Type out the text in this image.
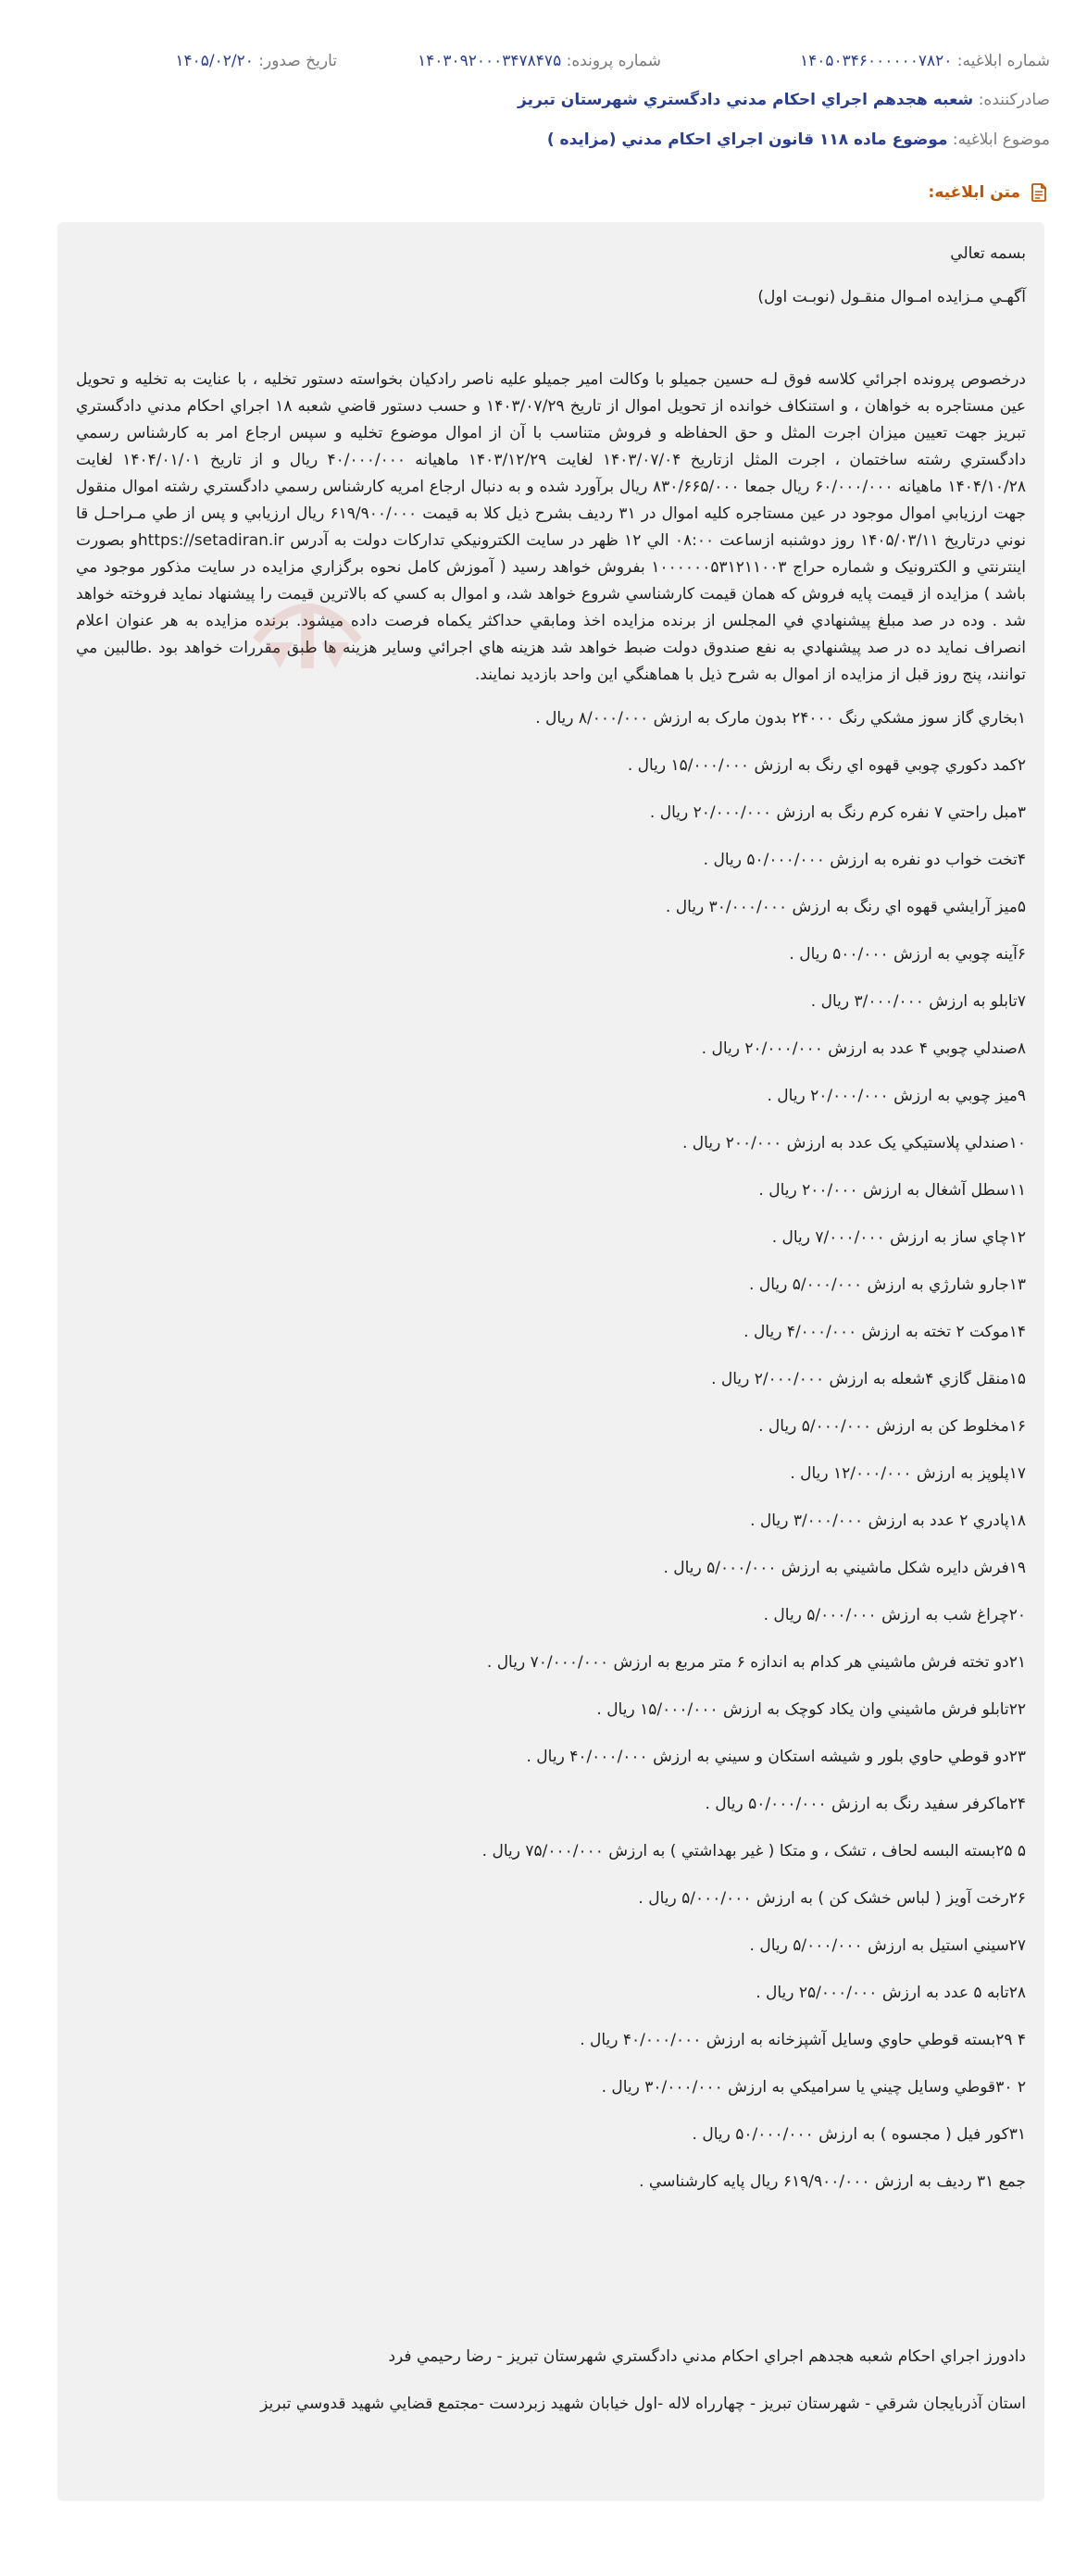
شماره ابلاغيه: ۱۴۰۵۰۳۴۶۰۰۰۰۰۰۷۸۲۰
شماره پرونده: ۱۴۰۳۰۹۲۰۰۰۳۴۷۸۴۷۵
تاريخ صدور: ۱۴۰۵/۰۲/۲۰
صادرکننده: شعبه هجدهم اجراي احکام مدني دادگستري شهرستان تبريز
موضوع ابلاغيه: موضوع ماده ۱۱۸ قانون اجراي احکام مدني (مزايده )
متن ابلاغيه:

بسمه تعالي

آگهـي مـزايده امـوال منقـول (نوبـت اول)

درخصوص پرونده اجرائي کلاسه فوق لـه حسين جميلو با وکالت امير جميلو عليه ناصر رادکيان بخواسته دستور تخليه ، با عنايت به تخليه و تحويل عين مستاجره به خواهان ، و استنکاف خوانده از تحويل اموال از تاريخ ۱۴۰۳/۰۷/۲۹ و حسب دستور قاضي شعبه ۱۸ اجراي احکام مدني دادگستري تبريز جهت تعيين ميزان اجرت المثل و حق الحفاظه و فروش متناسب با آن از اموال موضوع تخليه و سپس ارجاع امر به کارشناس رسمي دادگستري رشته ساختمان ، اجرت المثل ازتاريخ ۱۴۰۳/۰۷/۰۴ لغايت ۱۴۰۳/۱۲/۲۹ ماهيانه ۴۰/۰۰۰/۰۰۰ ريال و از تاريخ ۱۴۰۴/۰۱/۰۱ لغايت ۱۴۰۴/۱۰/۲۸ ماهيانه ۶۰/۰۰۰/۰۰۰ ريال جمعا ۸۳۰/۶۶۵/۰۰۰ ريال برآورد شده و به دنبال ارجاع امريه کارشناس رسمي دادگستري رشته اموال منقول جهت ارزيابي اموال موجود در عين مستاجره کليه اموال در ۳۱ رديف بشرح ذيل کلا به قيمت ۶۱۹/۹۰۰/۰۰۰ ريال ارزيابي و پس از طي مـراحـل قا نوني درتاريخ ۱۴۰۵/۰۳/۱۱ روز دوشنبه ازساعت ۰۸:۰۰ الي ۱۲ ظهر در سايت الکترونيکي تدارکات دولت به آدرس https://setadiran.irو بصورت اينترنتي و الکترونيک و شماره حراج ۱۰۰۰۰۰۰۵۳۱۲۱۱۰۰۳ بفروش خواهد رسيد ( آموزش کامل نحوه برگزاري مزايده در سايت مذکور موجود مي باشد ) مزايده از قيمت پايه فروش که همان قيمت کارشناسي شروع خواهد شد، و اموال به کسي که بالاترين قيمت را پيشنهاد نمايد فروخته خواهد شد . وده در صد مبلغ پيشنهادي في المجلس از برنده مزايده اخذ ومابقي حداکثر يکماه فرصت داده ميشود. برنده مزايده به هر عنوان اعلام انصراف نمايد ده در صد پيشنهادي به نفع صندوق دولت ضبط خواهد شد هزينه هاي اجرائي وساير هزينه ها طبق مقررات خواهد بود .طالبين مي توانند، پنج روز قبل از مزايده از اموال به شرح ذيل با هماهنگي اين واحد بازديد نمايند.

۱بخاري گاز سوز مشکي رنگ ۲۴۰۰۰ بدون مارک به ارزش ۸/۰۰۰/۰۰۰ ريال .

۲کمد دکوري چوبي قهوه اي رنگ به ارزش ۱۵/۰۰۰/۰۰۰ ريال .

۳مبل راحتي ۷ نفره کرم رنگ به ارزش ۲۰/۰۰۰/۰۰۰ ريال .

۴تخت خواب دو نفره به ارزش ۵۰/۰۰۰/۰۰۰ ريال .

۵ميز آرايشي قهوه اي رنگ به ارزش ۳۰/۰۰۰/۰۰۰ ريال .

۶آينه چوبي به ارزش ۵۰۰/۰۰۰ ريال .

۷تابلو به ارزش ۳/۰۰۰/۰۰۰ ريال .

۸صندلي چوبي ۴ عدد به ارزش ۲۰/۰۰۰/۰۰۰ ريال .

۹ميز چوبي به ارزش ۲۰/۰۰۰/۰۰۰ ريال .

۱۰صندلي پلاستيکي يک عدد به ارزش ۲۰۰/۰۰۰ ريال .

۱۱سطل آشغال به ارزش ۲۰۰/۰۰۰ ريال .

۱۲چاي ساز به ارزش ۷/۰۰۰/۰۰۰ ريال .

۱۳جارو شارژي به ارزش ۵/۰۰۰/۰۰۰ ريال .

۱۴موکت ۲ تخته به ارزش ۴/۰۰۰/۰۰۰ ريال .

۱۵منقل گازي ۴شعله به ارزش ۲/۰۰۰/۰۰۰ ريال .

۱۶مخلوط کن به ارزش ۵/۰۰۰/۰۰۰ ريال .

۱۷پلوپز به ارزش ۱۲/۰۰۰/۰۰۰ ريال .

۱۸پادري ۲ عدد به ارزش ۳/۰۰۰/۰۰۰ ريال .

۱۹فرش دايره شکل ماشيني به ارزش ۵/۰۰۰/۰۰۰ ريال .

۲۰چراغ شب به ارزش ۵/۰۰۰/۰۰۰ ريال .

۲۱دو تخته فرش ماشيني هر کدام به اندازه ۶ متر مربع به ارزش ۷۰/۰۰۰/۰۰۰ ريال .

۲۲تابلو فرش ماشيني وان يکاد کوچک به ارزش ۱۵/۰۰۰/۰۰۰ ريال .

۲۳دو قوطي حاوي بلور و شيشه استکان و سيني به ارزش ۴۰/۰۰۰/۰۰۰ ريال .

۲۴ماکرفر سفيد رنگ به ارزش ۵۰/۰۰۰/۰۰۰ ريال .

۵ ۲۵بسته البسه لحاف ، تشک ، و متکا ( غير بهداشتي ) به ارزش ۷۵/۰۰۰/۰۰۰ ريال .

۲۶رخت آويز ( لباس خشک کن ) به ارزش ۵/۰۰۰/۰۰۰ ريال .

۲۷سيني استيل به ارزش ۵/۰۰۰/۰۰۰ ريال .

۲۸تابه ۵ عدد به ارزش ۲۵/۰۰۰/۰۰۰ ريال .

۴ ۲۹بسته قوطي حاوي وسايل آشپزخانه به ارزش ۴۰/۰۰۰/۰۰۰ ريال .

۲ ۳۰قوطي وسايل چيني يا سراميکي به ارزش ۳۰/۰۰۰/۰۰۰ ريال .

۳۱کور فيل ( مجسوه ) به ارزش ۵۰/۰۰۰/۰۰۰ ريال .

جمع ۳۱ رديف به ارزش ۶۱۹/۹۰۰/۰۰۰ ريال پايه کارشناسي .

دادورز اجراي احکام شعبه هجدهم اجراي احکام مدني دادگستري شهرستان تبريز - رضا رحيمي فرد

استان آذربايجان شرقي - شهرستان تبريز - چهارراه لاله -اول خيابان شهيد زبردست -مجتمع قضايي شهيد قدوسي تبريز
